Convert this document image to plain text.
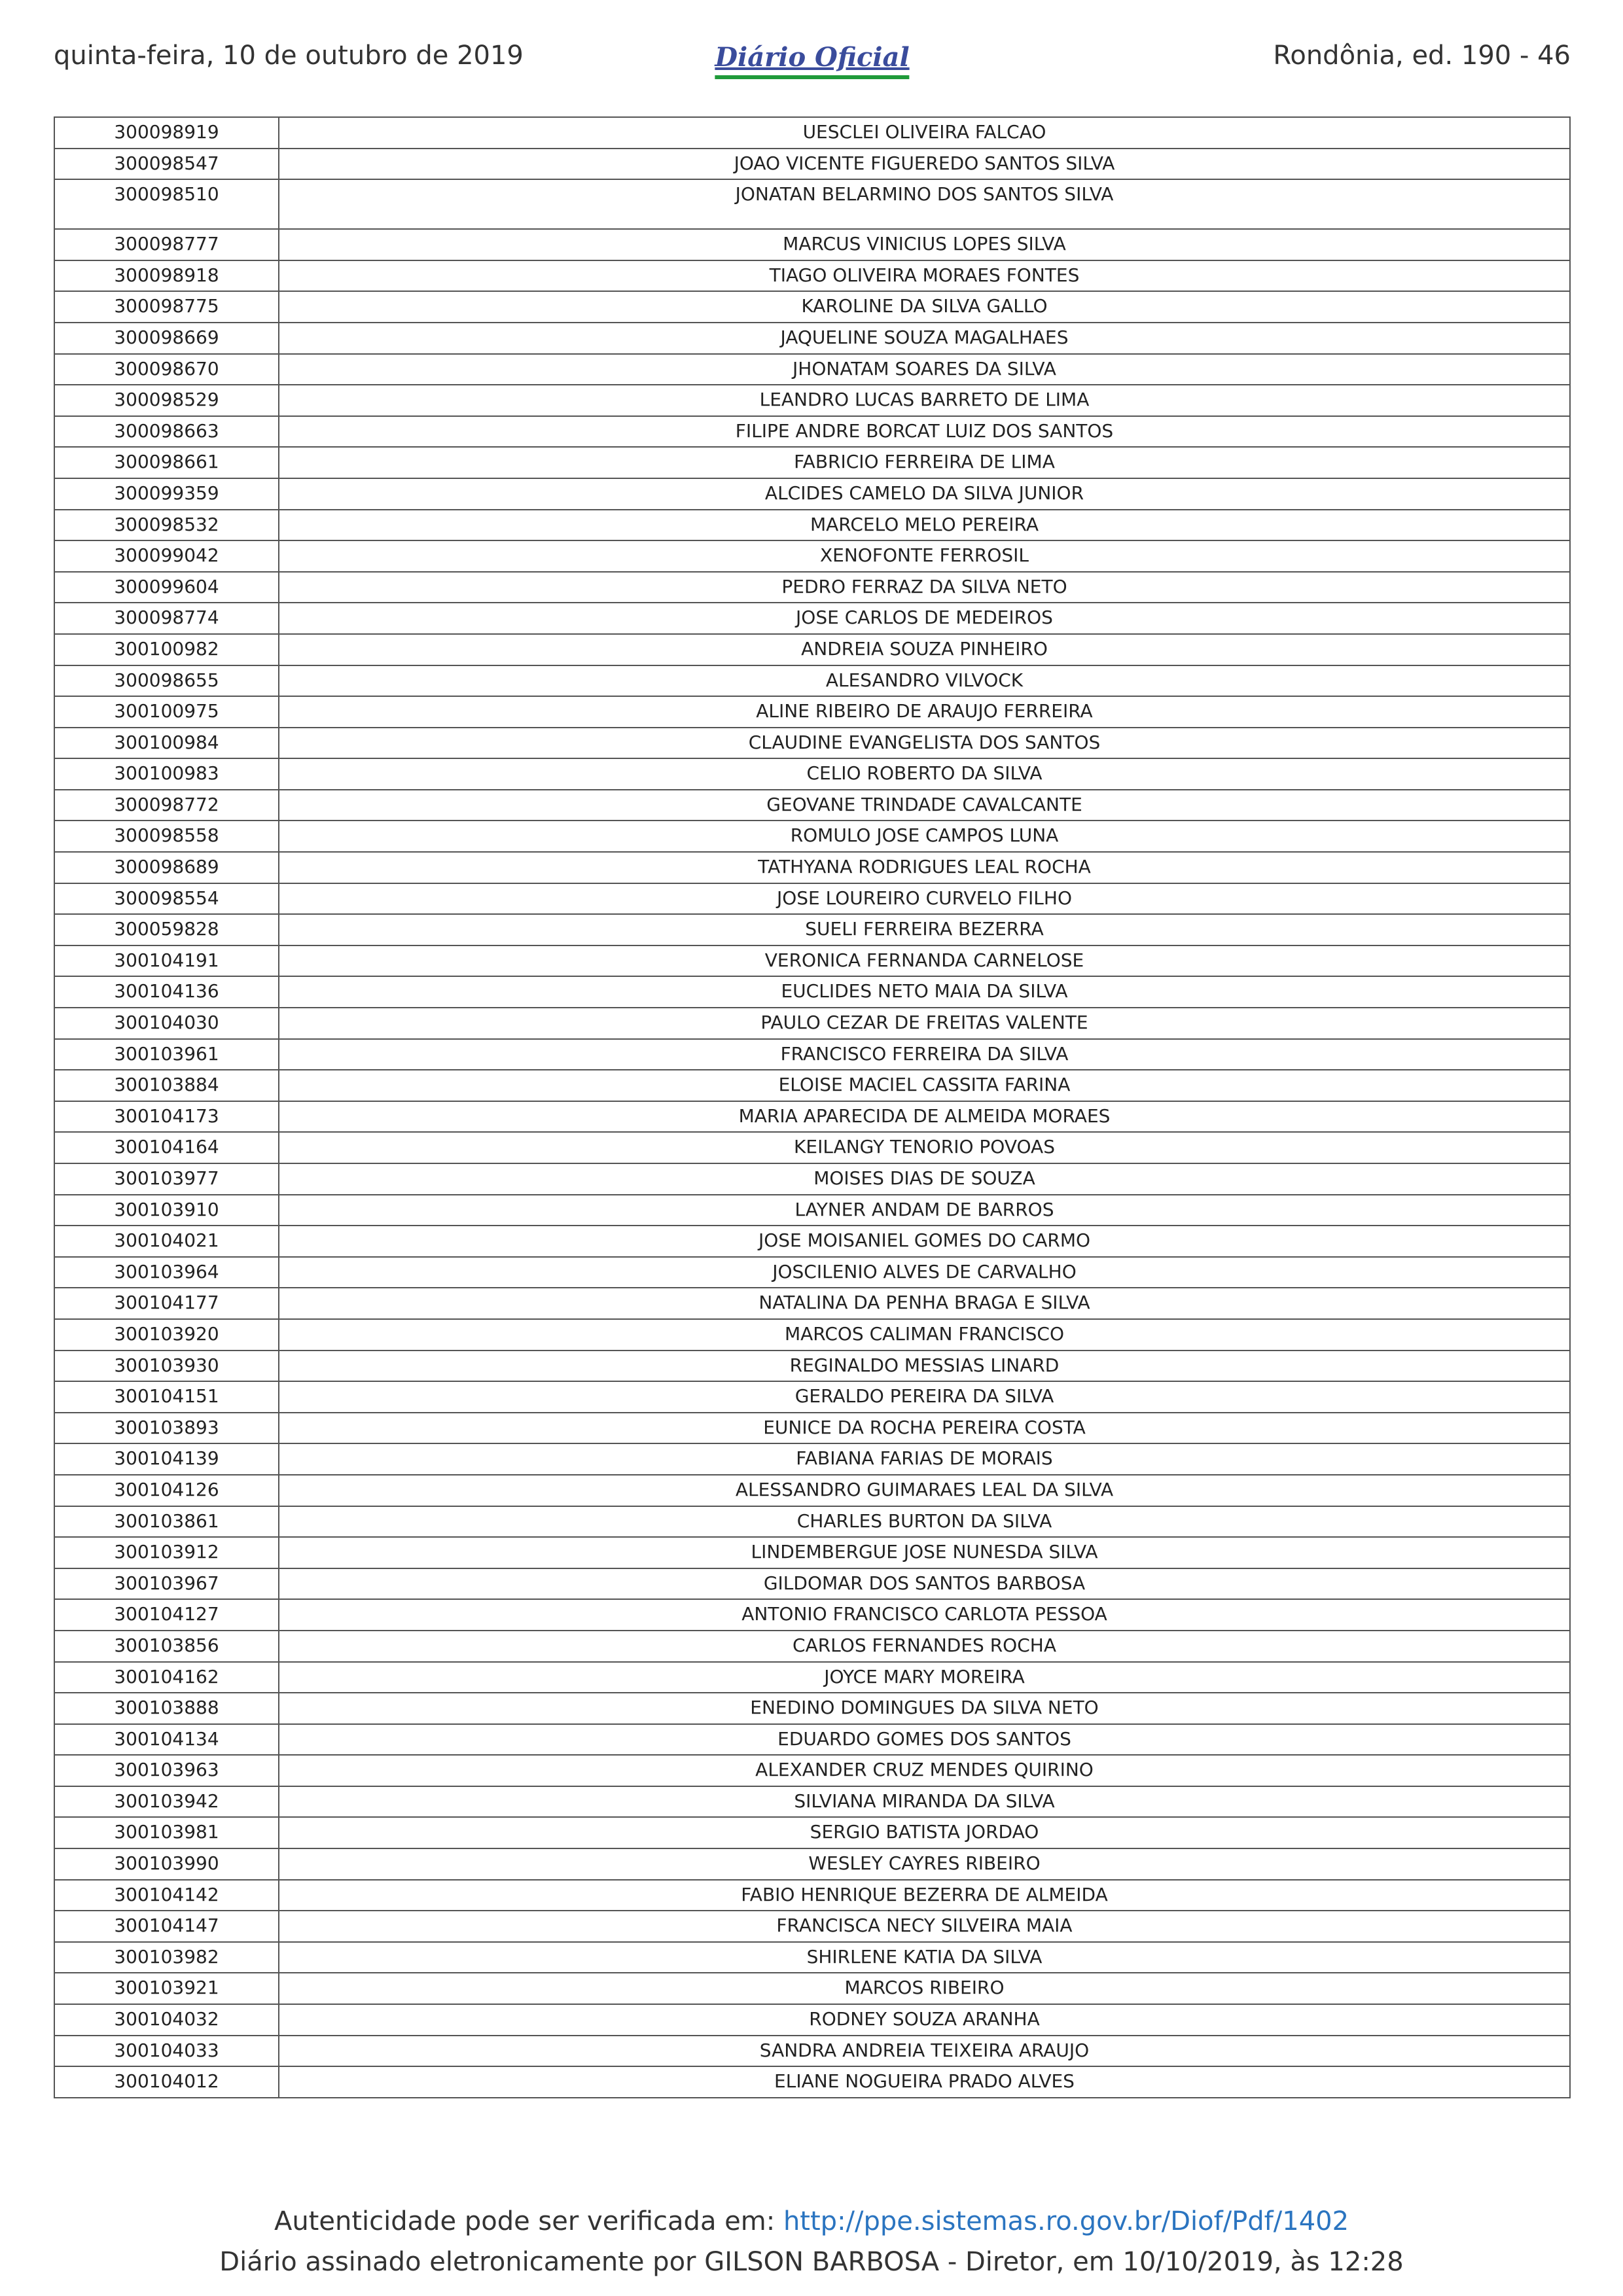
quinta-feira, 10 de outubro de 2019	Diário Oficial	Rondônia, ed. 190 - 46
300098919	UESCLEI OLIVEIRA FALCAO
300098547	JOAO VICENTE FIGUEREDO SANTOS SILVA
300098510	JONATAN BELARMINO DOS SANTOS SILVA
300098777	MARCUS VINICIUS LOPES SILVA
300098918	TIAGO OLIVEIRA MORAES FONTES
300098775	KAROLINE DA SILVA GALLO
300098669	JAQUELINE SOUZA MAGALHAES
300098670	JHONATAM SOARES DA SILVA
300098529	LEANDRO LUCAS BARRETO DE LIMA
300098663	FILIPE ANDRE BORCAT LUIZ DOS SANTOS
300098661	FABRICIO FERREIRA DE LIMA
300099359	ALCIDES CAMELO DA SILVA JUNIOR
300098532	MARCELO MELO PEREIRA
300099042	XENOFONTE FERROSIL
300099604	PEDRO FERRAZ DA SILVA NETO
300098774	JOSE CARLOS DE MEDEIROS
300100982	ANDREIA SOUZA PINHEIRO
300098655	ALESANDRO VILVOCK
300100975	ALINE RIBEIRO DE ARAUJO FERREIRA
300100984	CLAUDINE EVANGELISTA DOS SANTOS
300100983	CELIO ROBERTO DA SILVA
300098772	GEOVANE TRINDADE CAVALCANTE
300098558	ROMULO JOSE CAMPOS LUNA
300098689	TATHYANA RODRIGUES LEAL ROCHA
300098554	JOSE LOUREIRO CURVELO FILHO
300059828	SUELI FERREIRA BEZERRA
300104191	VERONICA FERNANDA CARNELOSE
300104136	EUCLIDES NETO MAIA DA SILVA
300104030	PAULO CEZAR DE FREITAS VALENTE
300103961	FRANCISCO FERREIRA DA SILVA
300103884	ELOISE MACIEL CASSITA FARINA
300104173	MARIA APARECIDA DE ALMEIDA MORAES
300104164	KEILANGY TENORIO POVOAS
300103977	MOISES DIAS DE SOUZA
300103910	LAYNER ANDAM DE BARROS
300104021	JOSE MOISANIEL GOMES DO CARMO
300103964	JOSCILENIO ALVES DE CARVALHO
300104177	NATALINA DA PENHA BRAGA E SILVA
300103920	MARCOS CALIMAN FRANCISCO
300103930	REGINALDO MESSIAS LINARD
300104151	GERALDO PEREIRA DA SILVA
300103893	EUNICE DA ROCHA PEREIRA COSTA
300104139	FABIANA FARIAS DE MORAIS
300104126	ALESSANDRO GUIMARAES LEAL DA SILVA
300103861	CHARLES BURTON DA SILVA
300103912	LINDEMBERGUE JOSE NUNESDA SILVA
300103967	GILDOMAR DOS SANTOS BARBOSA
300104127	ANTONIO FRANCISCO CARLOTA PESSOA
300103856	CARLOS FERNANDES ROCHA
300104162	JOYCE MARY MOREIRA
300103888	ENEDINO DOMINGUES DA SILVA NETO
300104134	EDUARDO GOMES DOS SANTOS
300103963	ALEXANDER CRUZ MENDES QUIRINO
300103942	SILVIANA MIRANDA DA SILVA
300103981	SERGIO BATISTA JORDAO
300103990	WESLEY CAYRES RIBEIRO
300104142	FABIO HENRIQUE BEZERRA DE ALMEIDA
300104147	FRANCISCA NECY SILVEIRA MAIA
300103982	SHIRLENE KATIA DA SILVA
300103921	MARCOS RIBEIRO
300104032	RODNEY SOUZA ARANHA
300104033	SANDRA ANDREIA TEIXEIRA ARAUJO
300104012	ELIANE NOGUEIRA PRADO ALVES
Autenticidade pode ser verificada em: http://ppe.sistemas.ro.gov.br/Diof/Pdf/1402
Diário assinado eletronicamente por GILSON BARBOSA - Diretor, em 10/10/2019, às 12:28
